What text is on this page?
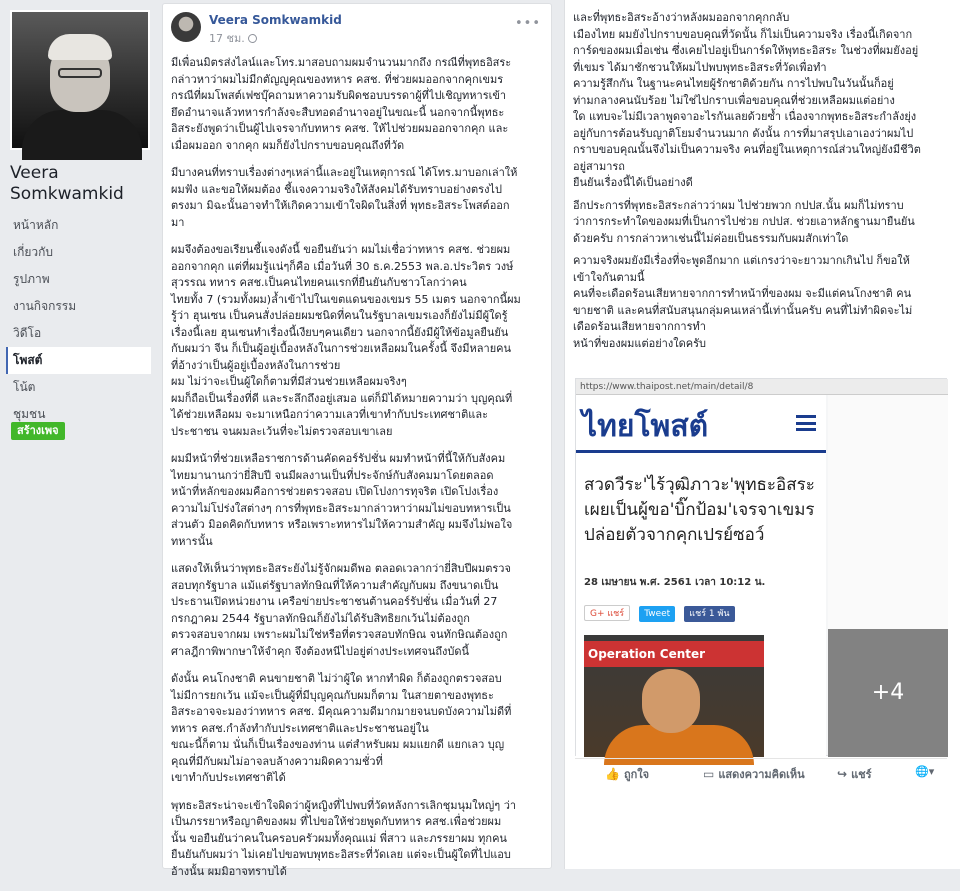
Veera Somkwamkid
หน้าหลัก
เกี่ยวกับ
รูปภาพ
งานกิจกรรม
วิดีโอ
โพสต์
โน้ต
ชุมชน
สร้างเพจ
Veera Somkwamkid
17 ชม.
•••

มีเพื่อนมิตรส่งไลน์และโทร.มาสอบถามผมจำนวนมากถึง กรณีที่พุทธอิสระ
กล่าวหาว่าผมไม่มีกตัญญูคุณของทหาร คสช. ที่ช่วยผมออกจากคุกเขมร
กรณีที่ผมโพสต์เฟซบุ๊คถามหาความรับผิดชอบบรรดาผู้ที่ไปเชิญทหารเข้า
ยึดอำนาจแล้วทหารกำลังจะสืบทอดอำนาจอยู่ในขณะนี้ นอกจากนี้พุทธะ
อิสระยังพูดว่าเป็นผู้ไปเจรจากับทหาร คสช. ให้ไปช่วยผมออกจากคุก และ
เมื่อผมออก จากคุก ผมก็ยังไปกราบขอบคุณถึงที่วัด

มีบางคนที่ทราบเรื่องต่างๆเหล่านี้และอยู่ในเหตุการณ์ ได้โทร.มาบอกเล่าให้
ผมฟัง และขอให้ผมต้อง ชี้แจงความจริงให้สังคมได้รับทราบอย่างตรงไป
ตรงมา มิฉะนั้นอาจทำให้เกิดความเข้าใจผิดในสิ่งที่ พุทธะอิสระโพสต์ออก
มา

ผมจึงต้องขอเรียนชี้แจงดังนี้ ขอยืนยันว่า ผมไม่เชื่อว่าทหาร คสช. ช่วยผม
ออกจากคุก แต่ที่ผมรู้แน่ๆก็คือ เมื่อวันที่ 30 ธ.ค.2553 พล.อ.ประวิตร วงษ์
สุวรรณ ทหาร คสช.เป็นคนไทยคนแรกที่ยืนยันกับชาวโลกว่าคน
ไทยทั้ง 7 (รวมทั้งผม)ล้ำเข้าไปในเขตแดนของเขมร 55 เมตร นอกจากนี้ผม
รู้ว่า ฮุนเซน เป็นคนสั่งปล่อยผมชนิดที่คนในรัฐบาลเขมรเองก็ยังไม่มีผู้ใดรู้
เรื่องนี้เลย ฮุนเซนทำเรื่องนี้เงียบๆคนเดียว นอกจากนี้ยังมีผู้ให้ข้อมูลยืนยัน
กับผมว่า จีน ก็เป็นผู้อยู่เบื้องหลังในการช่วยเหลือผมในครั้งนี้ จึงมีหลายคน
ที่อ้างว่าเป็นผู้อยู่เบื้องหลังในการช่วย
ผม ไม่ว่าจะเป็นผู้ใดก็ตามที่มีส่วนช่วยเหลือผมจริงๆ
ผมก็ถือเป็นเรื่องที่ดี และระลึกถึงอยู่เสมอ แต่ก็มิได้หมายความว่า บุญคุณที่
ได้ช่วยเหลือผม จะมาเหนือกว่าความเลวที่เขาทำกับประเทศชาติและ
ประชาชน จนผมละเว้นที่จะไม่ตรวจสอบเขาเลย

ผมมีหน้าที่ช่วยเหลือราชการด้านคัดคอร์รัปชั่น ผมทำหน้าที่นี้ให้กับสังคม
ไทยมานานกว่ายี่สิบปี จนมีผลงานเป็นที่ประจักษ์กับสังคมมาโดยตลอด
หน้าที่หลักของผมคือการช่วยตรวจสอบ เปิดโปงการทุจริต เปิดโปงเรื่อง
ความไม่โปร่งใสต่างๆ การที่พุทธะอิสระมากล่าวหาว่าผมไม่ขอบทหารเป็น
ส่วนตัว มิอดคิดกับทหาร หรือเพราะทหารไม่ให้ความสำคัญ ผมจึงไม่พอใจ
ทหารนั้น

แสดงให้เห็นว่าพุทธะอิสระยังไม่รู้จักผมดีพอ ตลอดเวลากว่ายี่สิบปีผมตรวจ
สอบทุกรัฐบาล แม้แต่รัฐบาลทักษิณที่ให้ความสำคัญกับผม ถึงขนาดเป็น
ประธานเปิดหน่วยงาน เครือข่ายประชาชนต้านคอร์รัปชั่น เมื่อวันที่ 27
กรกฎาคม 2544 รัฐบาลทักษิณก็ยังไม่ได้รับสิทธิยกเว้นไม่ต้องถูก
ตรวจสอบจากผม เพราะผมไม่ใช่หรือที่ตรวจสอบทักษิณ จนทักษิณต้องถูก
ศาลฎีกาพิพากษาให้จำคุก จึงต้องหนีไปอยู่ต่างประเทศจนถึงบัดนี้

ดังนั้น คนโกงชาติ คนขายชาติ ไม่ว่าผู้ใด หากทำผิด ก็ต้องถูกตรวจสอบ
ไม่มีการยกเว้น แม้จะเป็นผู้ที่มีบุญคุณกับผมก็ตาม ในสายตาของพุทธะ
อิสระอาจจะมองว่าทหาร คสช. มีคุณความดีมากมายจนบดบังความไม่ดีที่
ทหาร คสช.กำลังทำกับประเทศชาติและประชาชนอยู่ใน
ขณะนี้ก็ตาม นั่นก็เป็นเรื่องของท่าน แต่สำหรับผม ผมแยกดี แยกเลว บุญ
คุณที่มีกับผมไม่อาจลบล้างความผิดความชั่วที่
เขาทำกับประเทศชาติได้

พุทธะอิสระน่าจะเข้าใจผิดว่าผู้หญิงที่ไปพบที่วัดหลังการเลิกชุมนุมใหญ่ๆ ว่า
เป็นภรรยาหรือญาติของผม ที่ไปขอให้ช่วยพูดกับทหาร คสช.เพื่อช่วยผม
นั้น ขอยืนยันว่าคนในครอบครัวผมทั้งคุณแม่ พี่สาว และภรรยาผม ทุกคน
ยืนยันกับผมว่า ไม่เคยไปขอพบพุทธะอิสระที่วัดเลย แต่จะเป็นผู้ใดที่ไปแอบ
อ้างนั้น ผมมิอาจทราบได้

และที่พุทธะอิสระอ้างว่าหลังผมออกจากคุกกลับ
เมืองไทย ผมยังไปกราบขอบคุณที่วัดนั้น ก็ไม่เป็นความจริง เรื่องนี้เกิดจาก
การ์ดของผมเมื่อเช่น ซึ่งเคยไปอยู่เป็นการ์ดให้พุทธะอิสระ ในช่วงที่ผมยังอยู่
ที่เขมร ได้มาชักชวนให้ผมไปพบพุทธะอิสระที่วัดเพื่อทำ
ความรู้สึกกัน ในฐานะคนไทยผู้รักชาติด้วยกัน การไปพบในวันนั้นก็อยู่
ท่ามกลางคนนับร้อย ไม่ใช่ไปกราบเพื่อขอบคุณที่ช่วยเหลือผมแต่อย่าง
ใด แทบจะไม่มีเวลาพูดจาอะไรกันเลยด้วยซ้ำ เนื่องจากพุทธะอิสระกำลังยุ่ง
อยู่กับการต้อนรับญาติโยมจำนวนมาก ดังนั้น การที่มาสรุปเอาเองว่าผมไป
กราบขอบคุณนั้นจึงไม่เป็นความจริง คนที่อยู่ในเหตุการณ์ส่วนใหญ่ยังมีชีวิต
อยู่สามารถ
ยืนยันเรื่องนี้ได้เป็นอย่างดี

อีกประการที่พุทธะอิสระกล่าวว่าผม ไปช่วยพวก กปปส.นั้น ผมก็ไม่ทราบ
ว่าการกระทำใดของผมที่เป็นการไปช่วย กปปส. ช่วยเอาหลักฐานมายืนยัน
ด้วยครับ การกล่าวหาเช่นนี้ไม่ค่อยเป็นธรรมกับผมสักเท่าใด

ความจริงผมยังมีเรื่องที่จะพูดอีกมาก แต่เกรงว่าจะยาวมากเกินไป ก็ขอให้
เข้าใจกันตามนี้
คนที่จะเดือดร้อนเสียหายจากการทำหน้าที่ของผม จะมีแต่คนโกงชาติ คน
ขายชาติ และคนที่สนับสนุนกลุ่มคนเหล่านี้เท่านั้นครับ คนที่ไม่ทำผิดจะไม่
เดือดร้อนเสียหายจากการทำ
หน้าที่ของผมแต่อย่างใดครับ

https://www.thaipost.net/main/detail/8
ไทยโพสต์
สวดวีระ'ไร้วุฒิภาวะ'พุทธะอิสระเผยเป็นผู้ขอ'บิ๊กป้อม'เจรจาเขมรปล่อยตัวจากคุกเปรย์ซอว์
28 เมษายน พ.ศ. 2561 เวลา 10:12 น.
G+ แชร์ Tweet แชร์ 1 พัน
Operation Center
+4
👍 ถูกใจ	▭ แสดงความคิดเห็น	↪ แชร์	🌐▾
